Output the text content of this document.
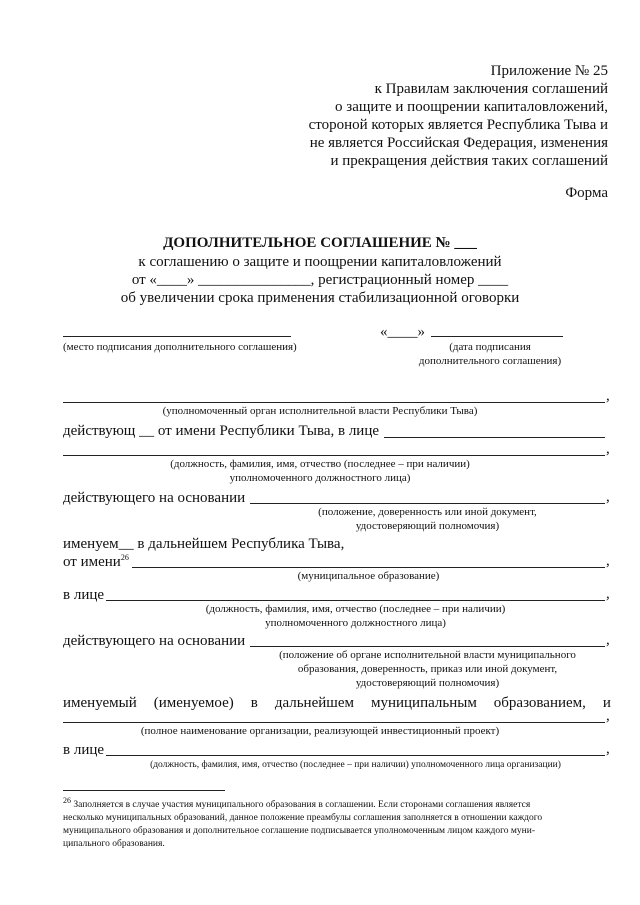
Приложение № 25
к Правилам заключения соглашений
о защите и поощрении капиталовложений,
стороной которых является Республика Тыва и
не является Российская Федерация, изменения
и прекращения действия таких соглашений
Форма
ДОПОЛНИТЕЛЬНОЕ СОГЛАШЕНИЕ № ___
к соглашению о защите и поощрении капиталовложений
от «____» _______________, регистрационный номер ____
об увеличении срока применения стабилизационной оговорки
«____»
(место подписания дополнительного соглашения)	(дата подписания
дополнительного соглашения)
,
(уполномоченный орган исполнительной власти Республики Тыва)
действующ __ от имени Республики Тыва, в лице
,
(должность, фамилия, имя, отчество (последнее – при наличии)
уполномоченного должностного лица)
действующего на основании	,
(положение, доверенность или иной документ,
удостоверяющий полномочия)
именуем__ в дальнейшем Республика Тыва,
от имени$^{26}$	,
(муниципальное образование)
в лице	,
(должность, фамилия, имя, отчество (последнее – при наличии)
уполномоченного должностного лица)
действующего на основании	,
(положение об органе исполнительной власти муниципального
образования, доверенность, приказ или иной документ,
удостоверяющий полномочия)
именуемый (именуемое) в дальнейшем муниципальным образованием, и
,
(полное наименование организации, реализующей инвестиционный проект)
в лице	,
(должность, фамилия, имя, отчество (последнее – при наличии) уполномоченного лица организации)
$^{26}$ Заполняется в случае участия муниципального образования в соглашении. Если сторонами соглашения является
несколько муниципальных образований, данное положение преамбулы соглашения заполняется в отношении каждого
муниципального образования и дополнительное соглашение подписывается уполномоченным лицом каждого муни-
ципального образования.
